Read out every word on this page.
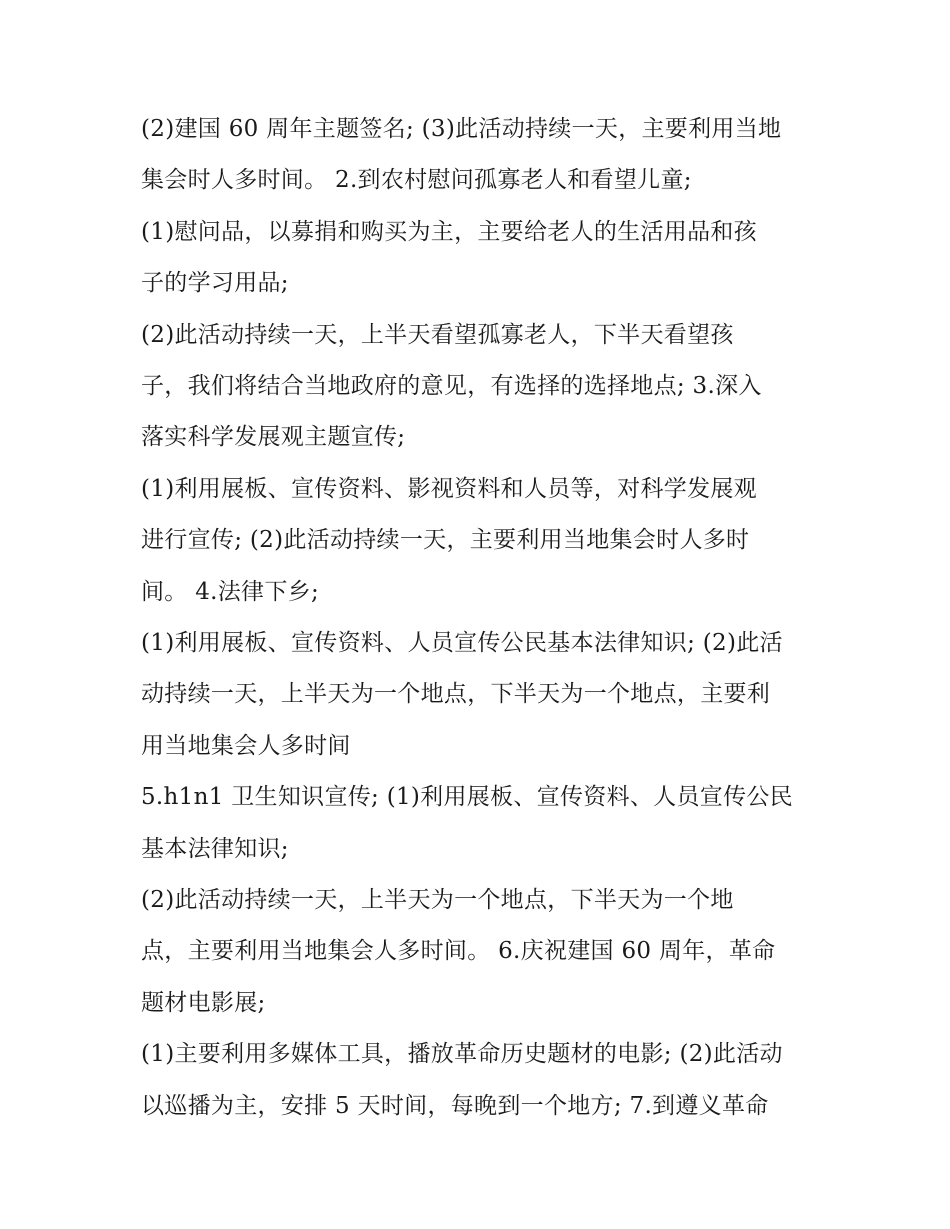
(2)建国 60 周年主题签名; (3)此活动持续一天，主要利用当地
集会时人多时间。 2.到农村慰问孤寡老人和看望儿童;
(1)慰问品，以募捐和购买为主，主要给老人的生活用品和孩
子的学习用品;
(2)此活动持续一天，上半天看望孤寡老人，下半天看望孩
子，我们将结合当地政府的意见，有选择的选择地点; 3.深入
落实科学发展观主题宣传;
(1)利用展板、宣传资料、影视资料和人员等，对科学发展观
进行宣传; (2)此活动持续一天，主要利用当地集会时人多时
间。 4.法律下乡;
(1)利用展板、宣传资料、人员宣传公民基本法律知识; (2)此活
动持续一天，上半天为一个地点，下半天为一个地点，主要利
用当地集会人多时间
5.h1n1 卫生知识宣传; (1)利用展板、宣传资料、人员宣传公民
基本法律知识;
(2)此活动持续一天，上半天为一个地点，下半天为一个地
点，主要利用当地集会人多时间。 6.庆祝建国 60 周年，革命
题材电影展;
(1)主要利用多媒体工具，播放革命历史题材的电影; (2)此活动
以巡播为主，安排 5 天时间，每晚到一个地方; 7.到遵义革命
